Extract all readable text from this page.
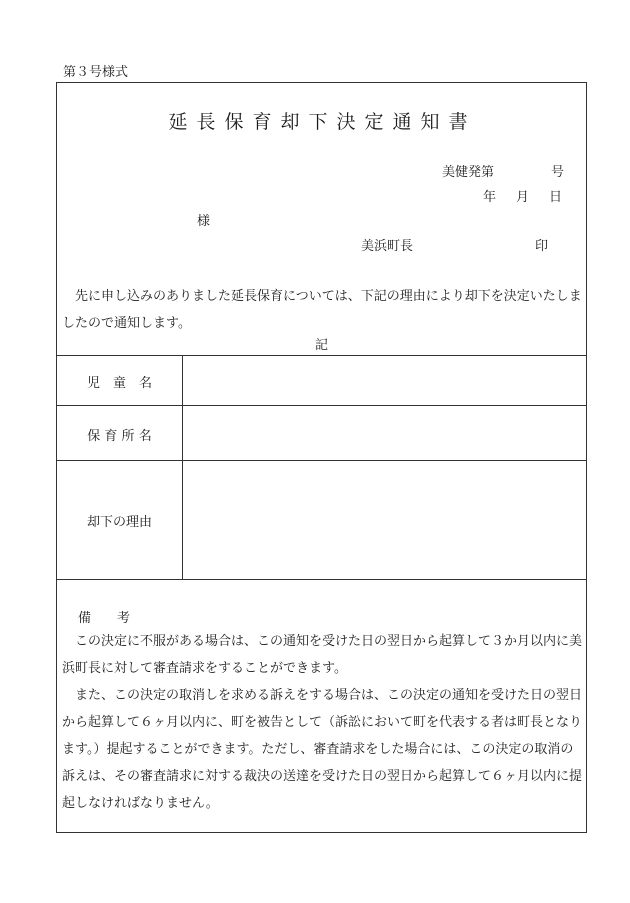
第３号様式
延長保育却下決定通知書
美健発第	号
年 月 日
様
美浜町長	印
先に申し込みのありました延長保育については、下記の理由により却下を決定いたしましたので通知します。
記
児　童　名
保 育 所 名
却下の理由
備　　考

この決定に不服がある場合は、この通知を受けた日の翌日から起算して３か月以内に美浜町長に対して審査請求をすることができます。

また、この決定の取消しを求める訴えをする場合は、この決定の通知を受けた日の翌日から起算して６ヶ月以内に、町を被告として（訴訟において町を代表する者は町長となります。）提起することができます。ただし、審査請求をした場合には、この決定の取消の訴えは、その審査請求に対する裁決の送達を受けた日の翌日から起算して６ヶ月以内に提起しなければなりません。
